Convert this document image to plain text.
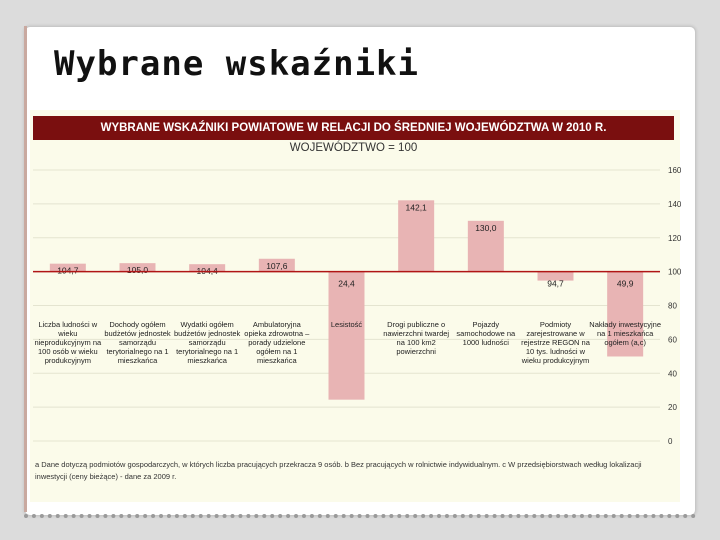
Wybrane wskaźniki
WYBRANE WSKAŹNIKI POWIATOWE W RELACJI DO ŚREDNIEJ WOJEWÓDZTWA W 2010 R.
WOJEWÓDZTWO = 100
0
20
40
60
80
100
120
140
160
104,7	105,0	104,4
107,6
24,4
142,1
130,0
94,7	49,9
Liczba ludności w wieku nieprodukcyjnym na 100 osób w wieku produkcyjnym
Dochody ogółem budżetów jednostek samorządu terytorialnego na 1 mieszkańca
Wydatki ogółem budżetów jednostek samorządu terytorialnego na 1 mieszkańca
Ambulatoryjna opieka zdrowotna – porady udzielone ogółem na 1 mieszkańca
Lesistość	Drogi publiczne o nawierzchni twardej na 100 km2 powierzchni
Pojazdy samochodowe na 1000 ludności
Podmioty zarejestrowane w rejestrze REGON na 10 tys. ludności w wieku produkcyjnym
Nakłady inwestycyjne na 1 mieszkańca ogółem (a,c)
a Dane dotyczą podmiotów gospodarczych, w których liczba pracujących przekracza 9 osób. b Bez pracujących w rolnictwie indywidualnym. c W przedsiębiorstwach według lokalizacji inwestycji (ceny bieżące) - dane za 2009 r.
